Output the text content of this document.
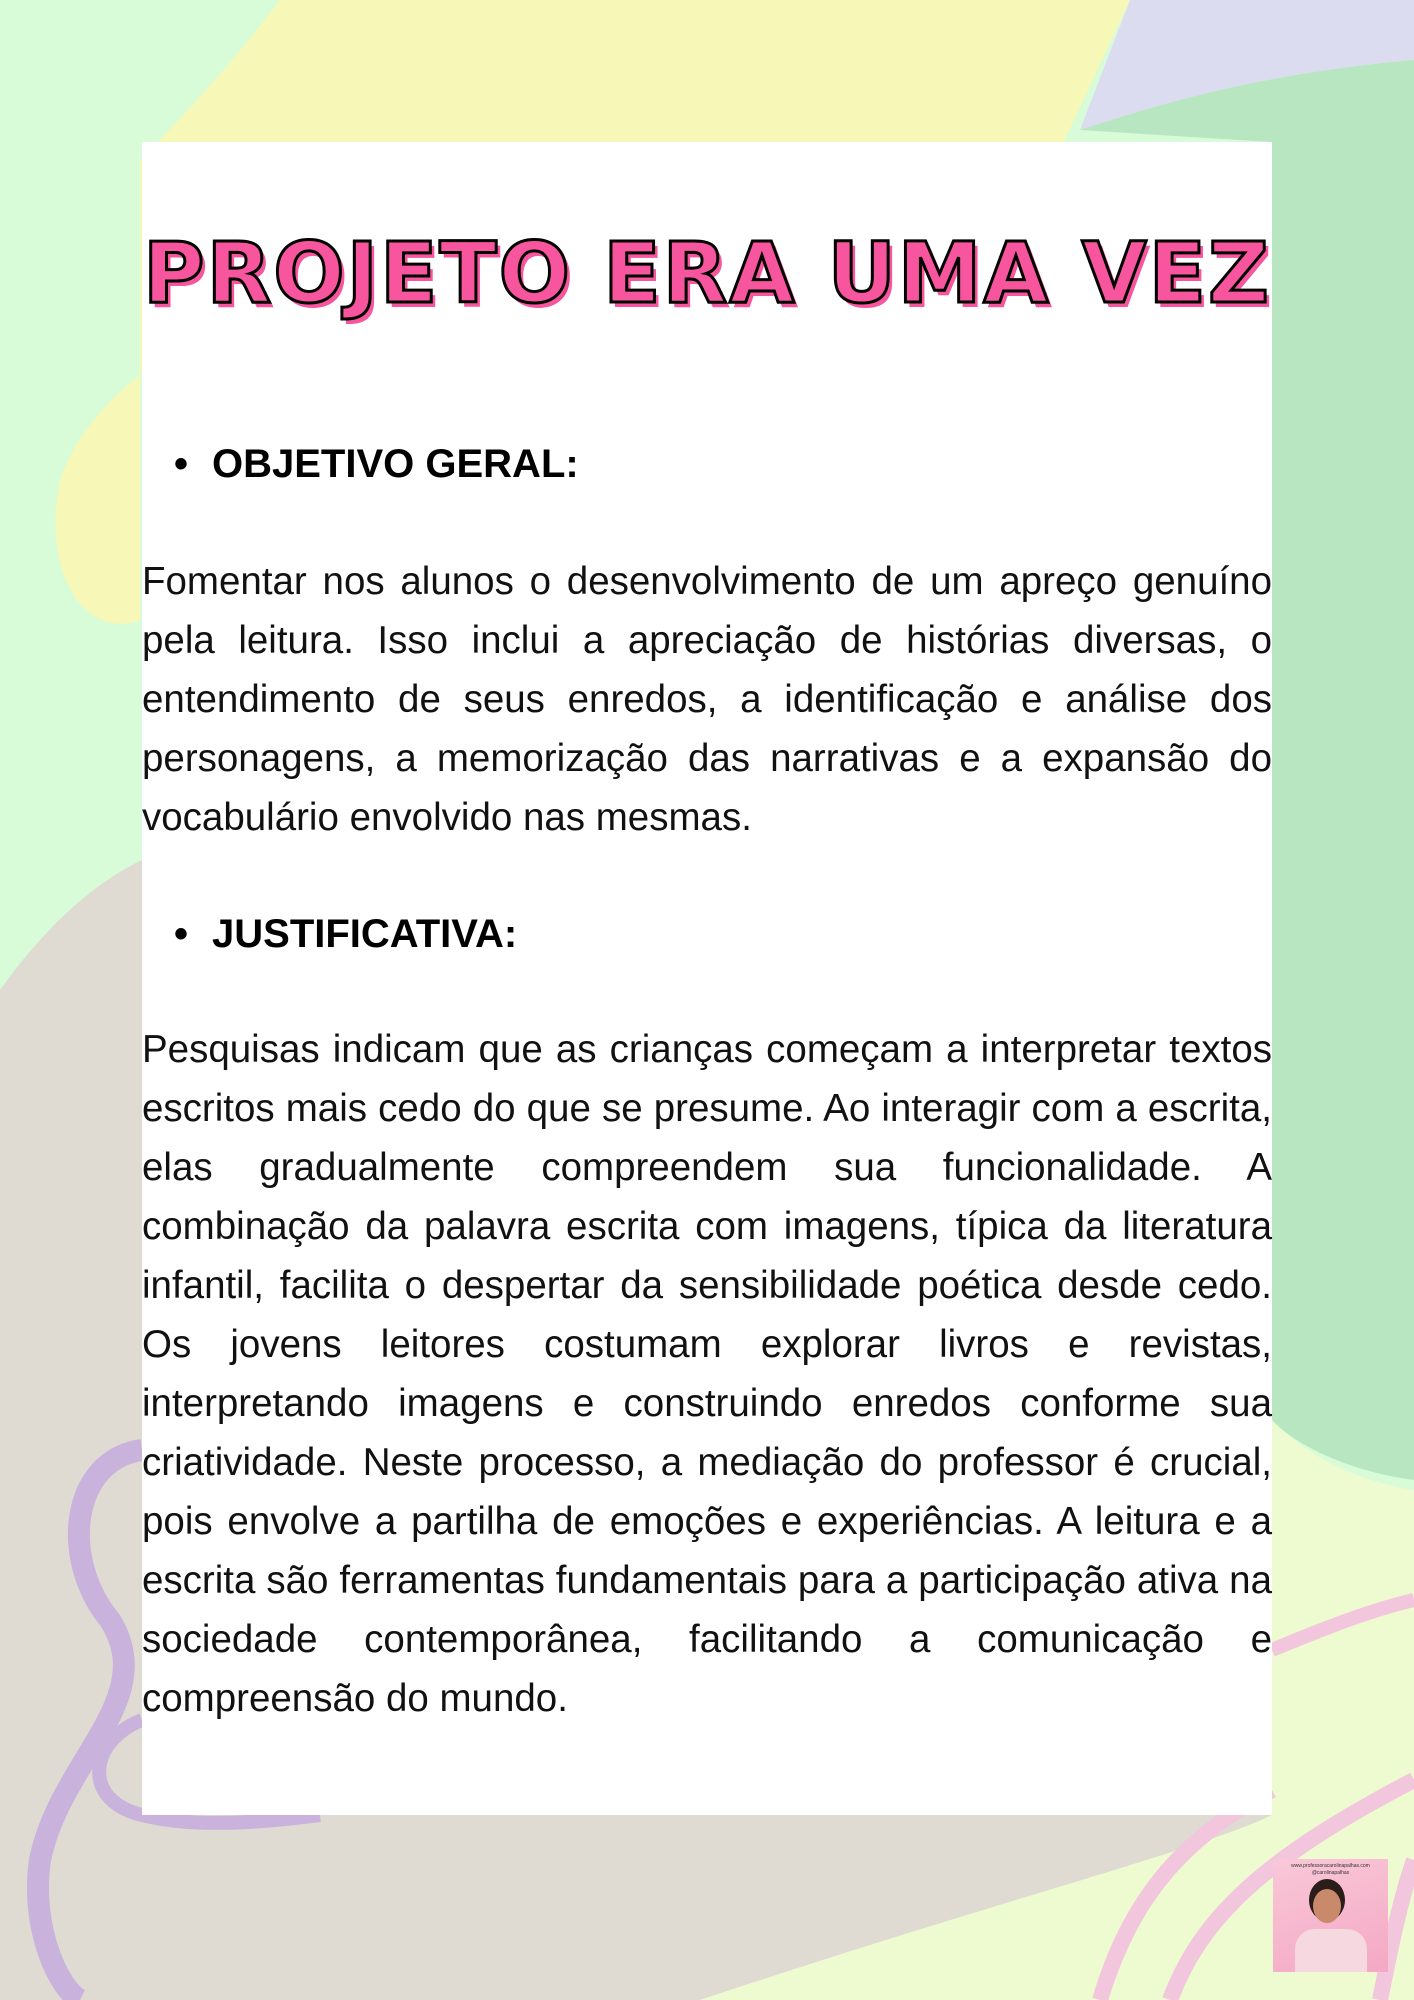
PROJETO ERA UMA VEZ
• OBJETIVO GERAL:
Fomentar nos alunos o desenvolvimento de um apreço genuíno pela leitura. Isso inclui a apreciação de histórias diversas, o entendimento de seus enredos, a identificação e análise dos personagens, a memorização das narrativas e a expansão do vocabulário envolvido nas mesmas.
• JUSTIFICATIVA:
Pesquisas indicam que as crianças começam a interpretar textos escritos mais cedo do que se presume. Ao interagir com a escrita, elas gradualmente compreendem sua funcionalidade. A combinação da palavra escrita com imagens, típica da literatura infantil, facilita o despertar da sensibilidade poética desde cedo. Os jovens leitores costumam explorar livros e revistas, interpretando imagens e construindo enredos conforme sua criatividade. Neste processo, a mediação do professor é crucial, pois envolve a partilha de emoções e experiências. A leitura e a escrita são ferramentas fundamentais para a participação ativa na sociedade contemporânea, facilitando a comunicação e compreensão do mundo.
www.professoracarolinapalhas.com
@carolinapalhas
